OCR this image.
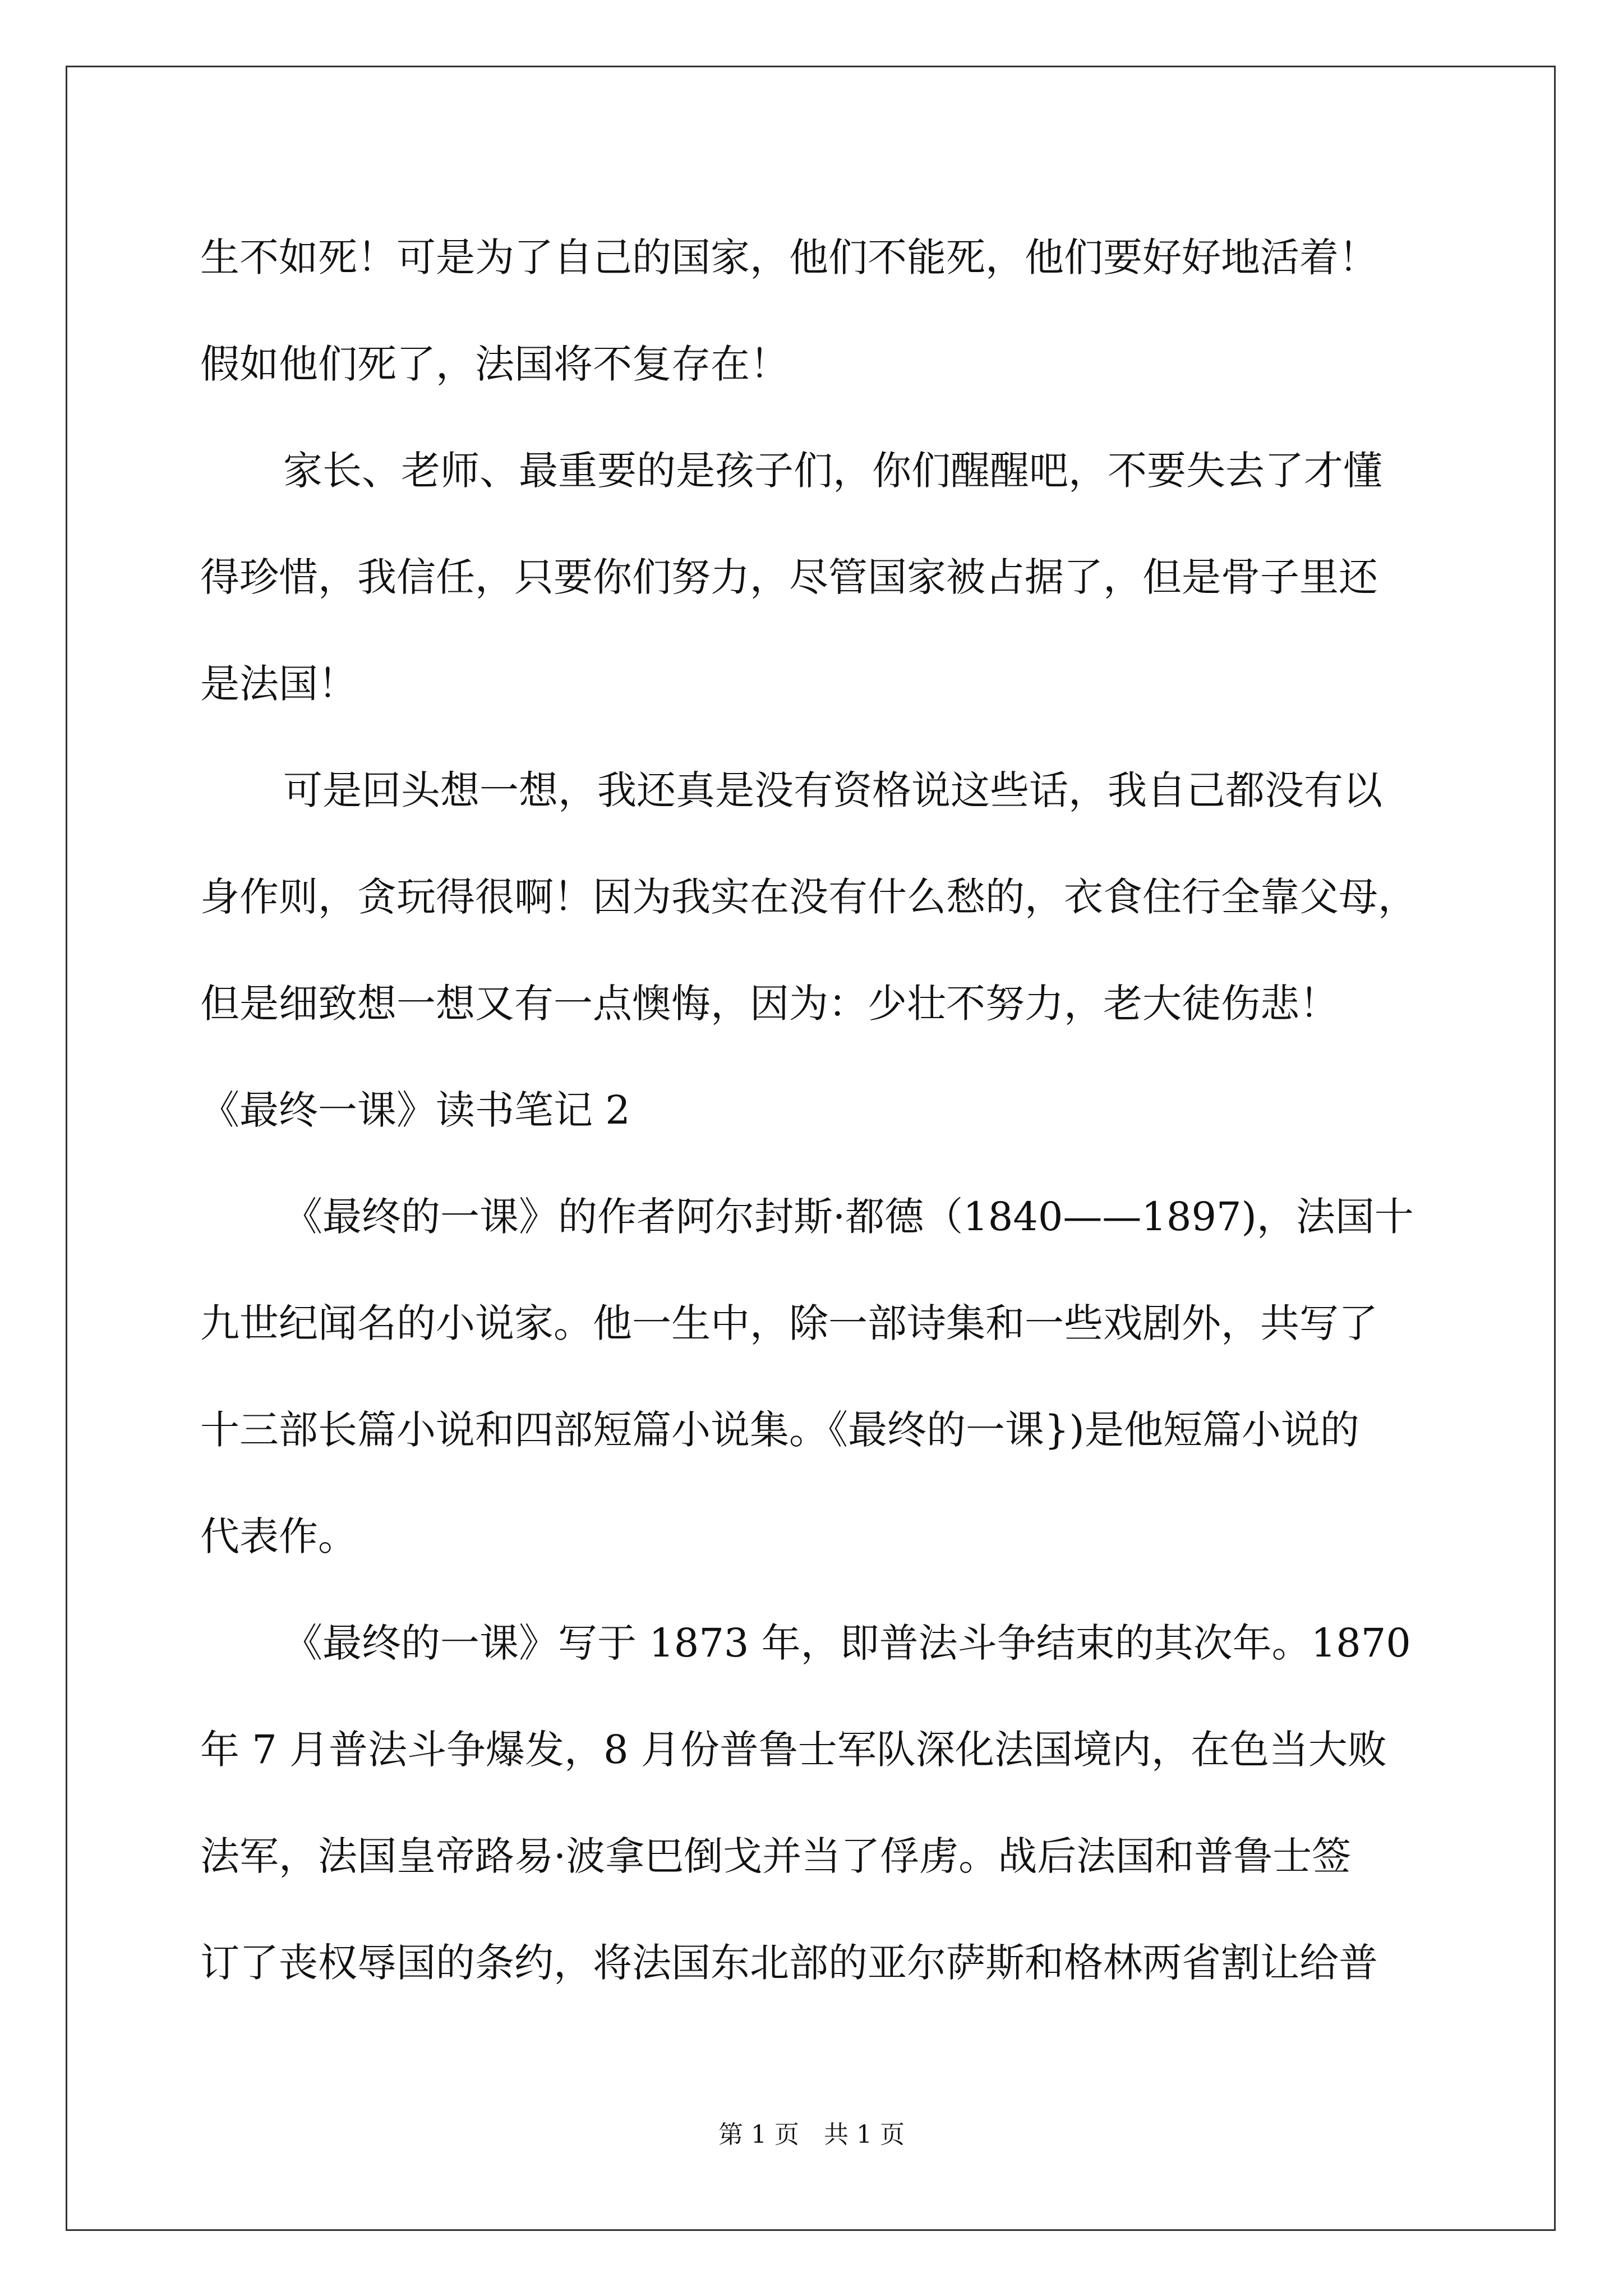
生不如死！可是为了自己的国家，他们不能死，他们要好好地活着！
假如他们死了，法国将不复存在！
家长、老师、最重要的是孩子们，你们醒醒吧，不要失去了才懂
得珍惜，我信任，只要你们努力，尽管国家被占据了，但是骨子里还
是法国！
可是回头想一想，我还真是没有资格说这些话，我自己都没有以
身作则，贪玩得很啊！因为我实在没有什么愁的，衣食住行全靠父母，
但是细致想一想又有一点懊悔，因为：少壮不努力，老大徒伤悲！
《最终一课》读书笔记 2
《最终的一课》的作者阿尔封斯·都德（1840——1897)，法国十
九世纪闻名的小说家。他一生中，除一部诗集和一些戏剧外，共写了
十三部长篇小说和四部短篇小说集。《最终的一课})是他短篇小说的
代表作。
《最终的一课》写于 1873 年，即普法斗争结束的其次年。1870
年 7 月普法斗争爆发，8 月份普鲁士军队深化法国境内，在色当大败
法军，法国皇帝路易·波拿巴倒戈并当了俘虏。战后法国和普鲁士签
订了丧权辱国的条约，将法国东北部的亚尔萨斯和格林两省割让给普
第 1 页　共 1 页
